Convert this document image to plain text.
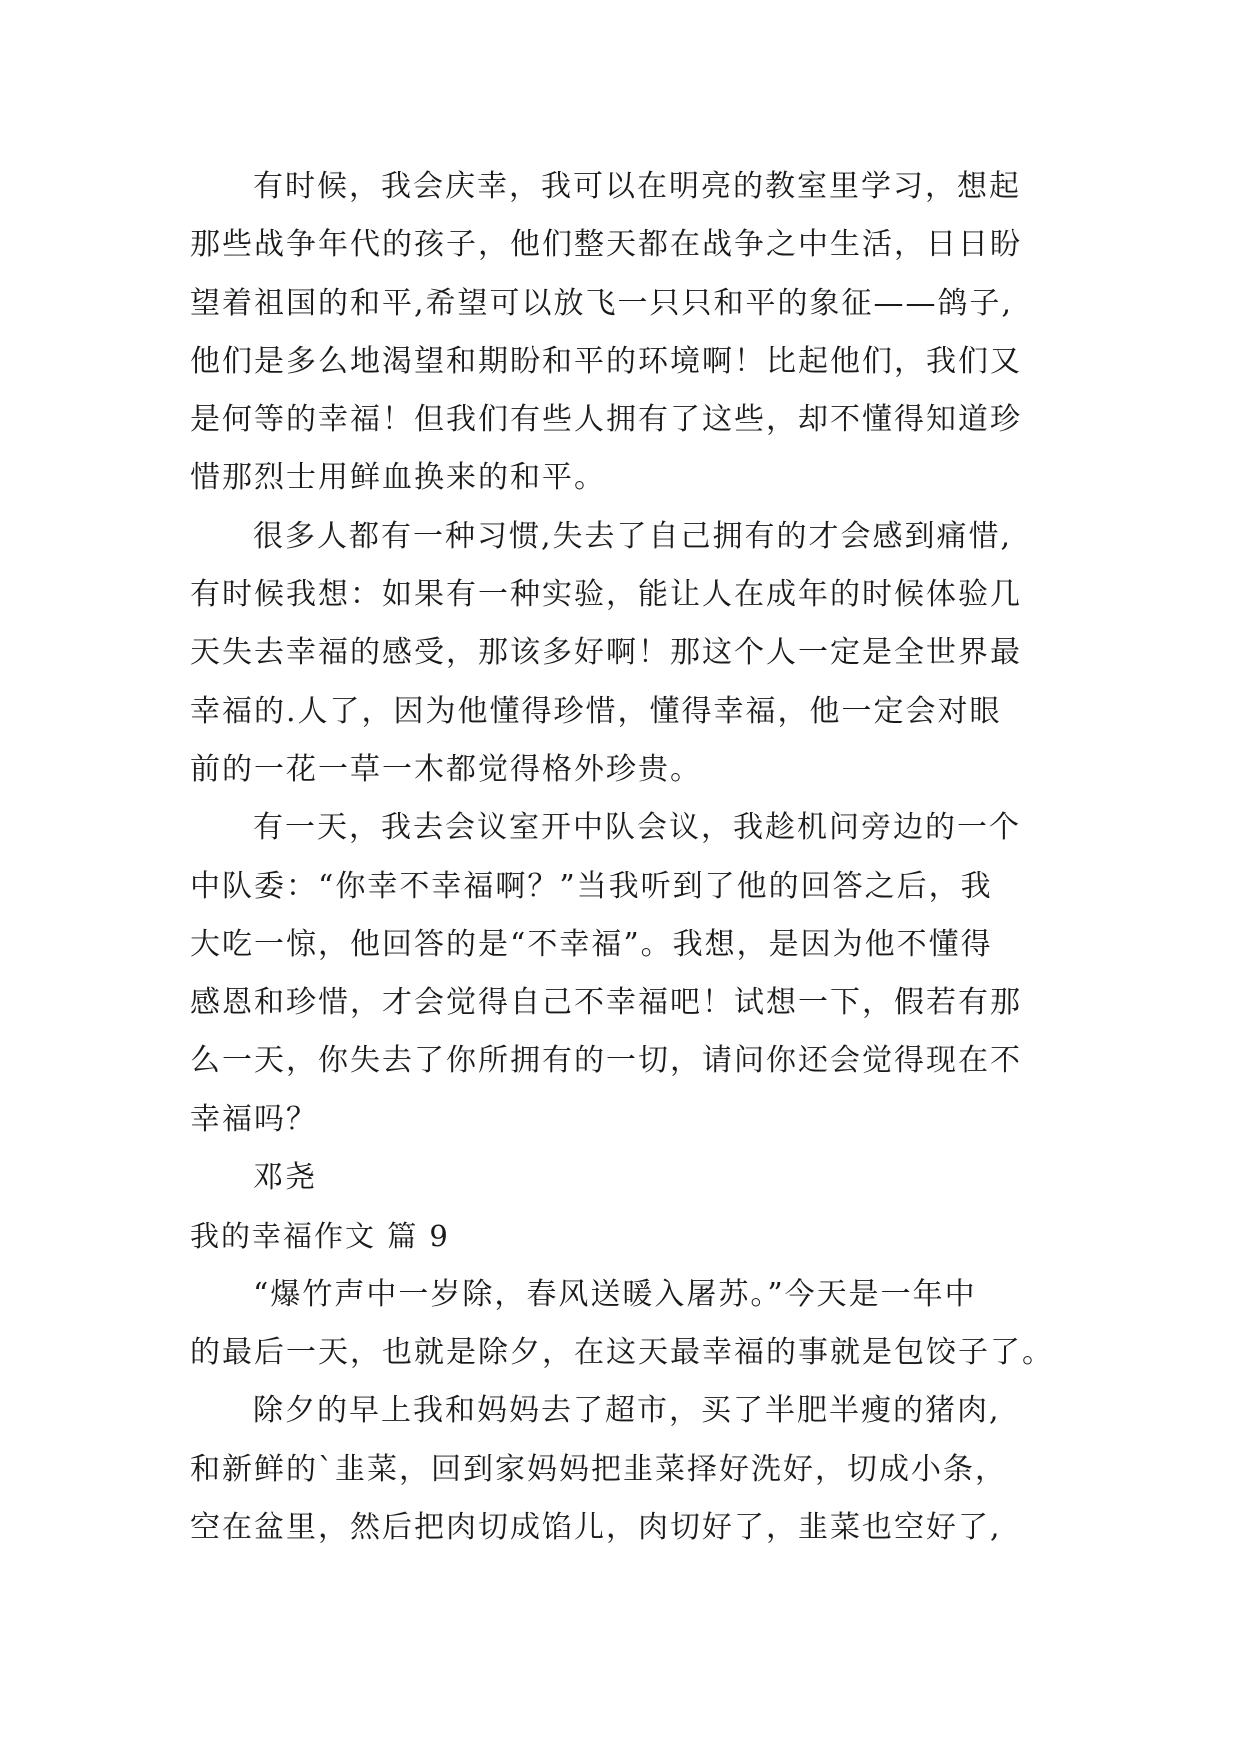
有时候，我会庆幸，我可以在明亮的教室里学习，想起
那些战争年代的孩子，他们整天都在战争之中生活，日日盼
望着祖国的和平,希望可以放飞一只只和平的象征——鸽子,
他们是多么地渴望和期盼和平的环境啊！比起他们，我们又
是何等的幸福！但我们有些人拥有了这些，却不懂得知道珍
惜那烈士用鲜血换来的和平。
很多人都有一种习惯,失去了自己拥有的才会感到痛惜,
有时候我想：如果有一种实验，能让人在成年的时候体验几
天失去幸福的感受，那该多好啊！那这个人一定是全世界最
幸福的.人了，因为他懂得珍惜，懂得幸福，他一定会对眼
前的一花一草一木都觉得格外珍贵。
有一天，我去会议室开中队会议，我趁机问旁边的一个
中队委：“你幸不幸福啊？”当我听到了他的回答之后，我
大吃一惊，他回答的是“不幸福”。我想，是因为他不懂得
感恩和珍惜，才会觉得自己不幸福吧！试想一下，假若有那
么一天，你失去了你所拥有的一切，请问你还会觉得现在不
幸福吗？
邓尧
我的幸福作文 篇 9
“爆竹声中一岁除，春风送暖入屠苏。”今天是一年中
的最后一天，也就是除夕，在这天最幸福的事就是包饺子了。
除夕的早上我和妈妈去了超市，买了半肥半瘦的猪肉,
和新鲜的`韭菜，回到家妈妈把韭菜择好洗好，切成小条，
空在盆里，然后把肉切成馅儿，肉切好了，韭菜也空好了,
